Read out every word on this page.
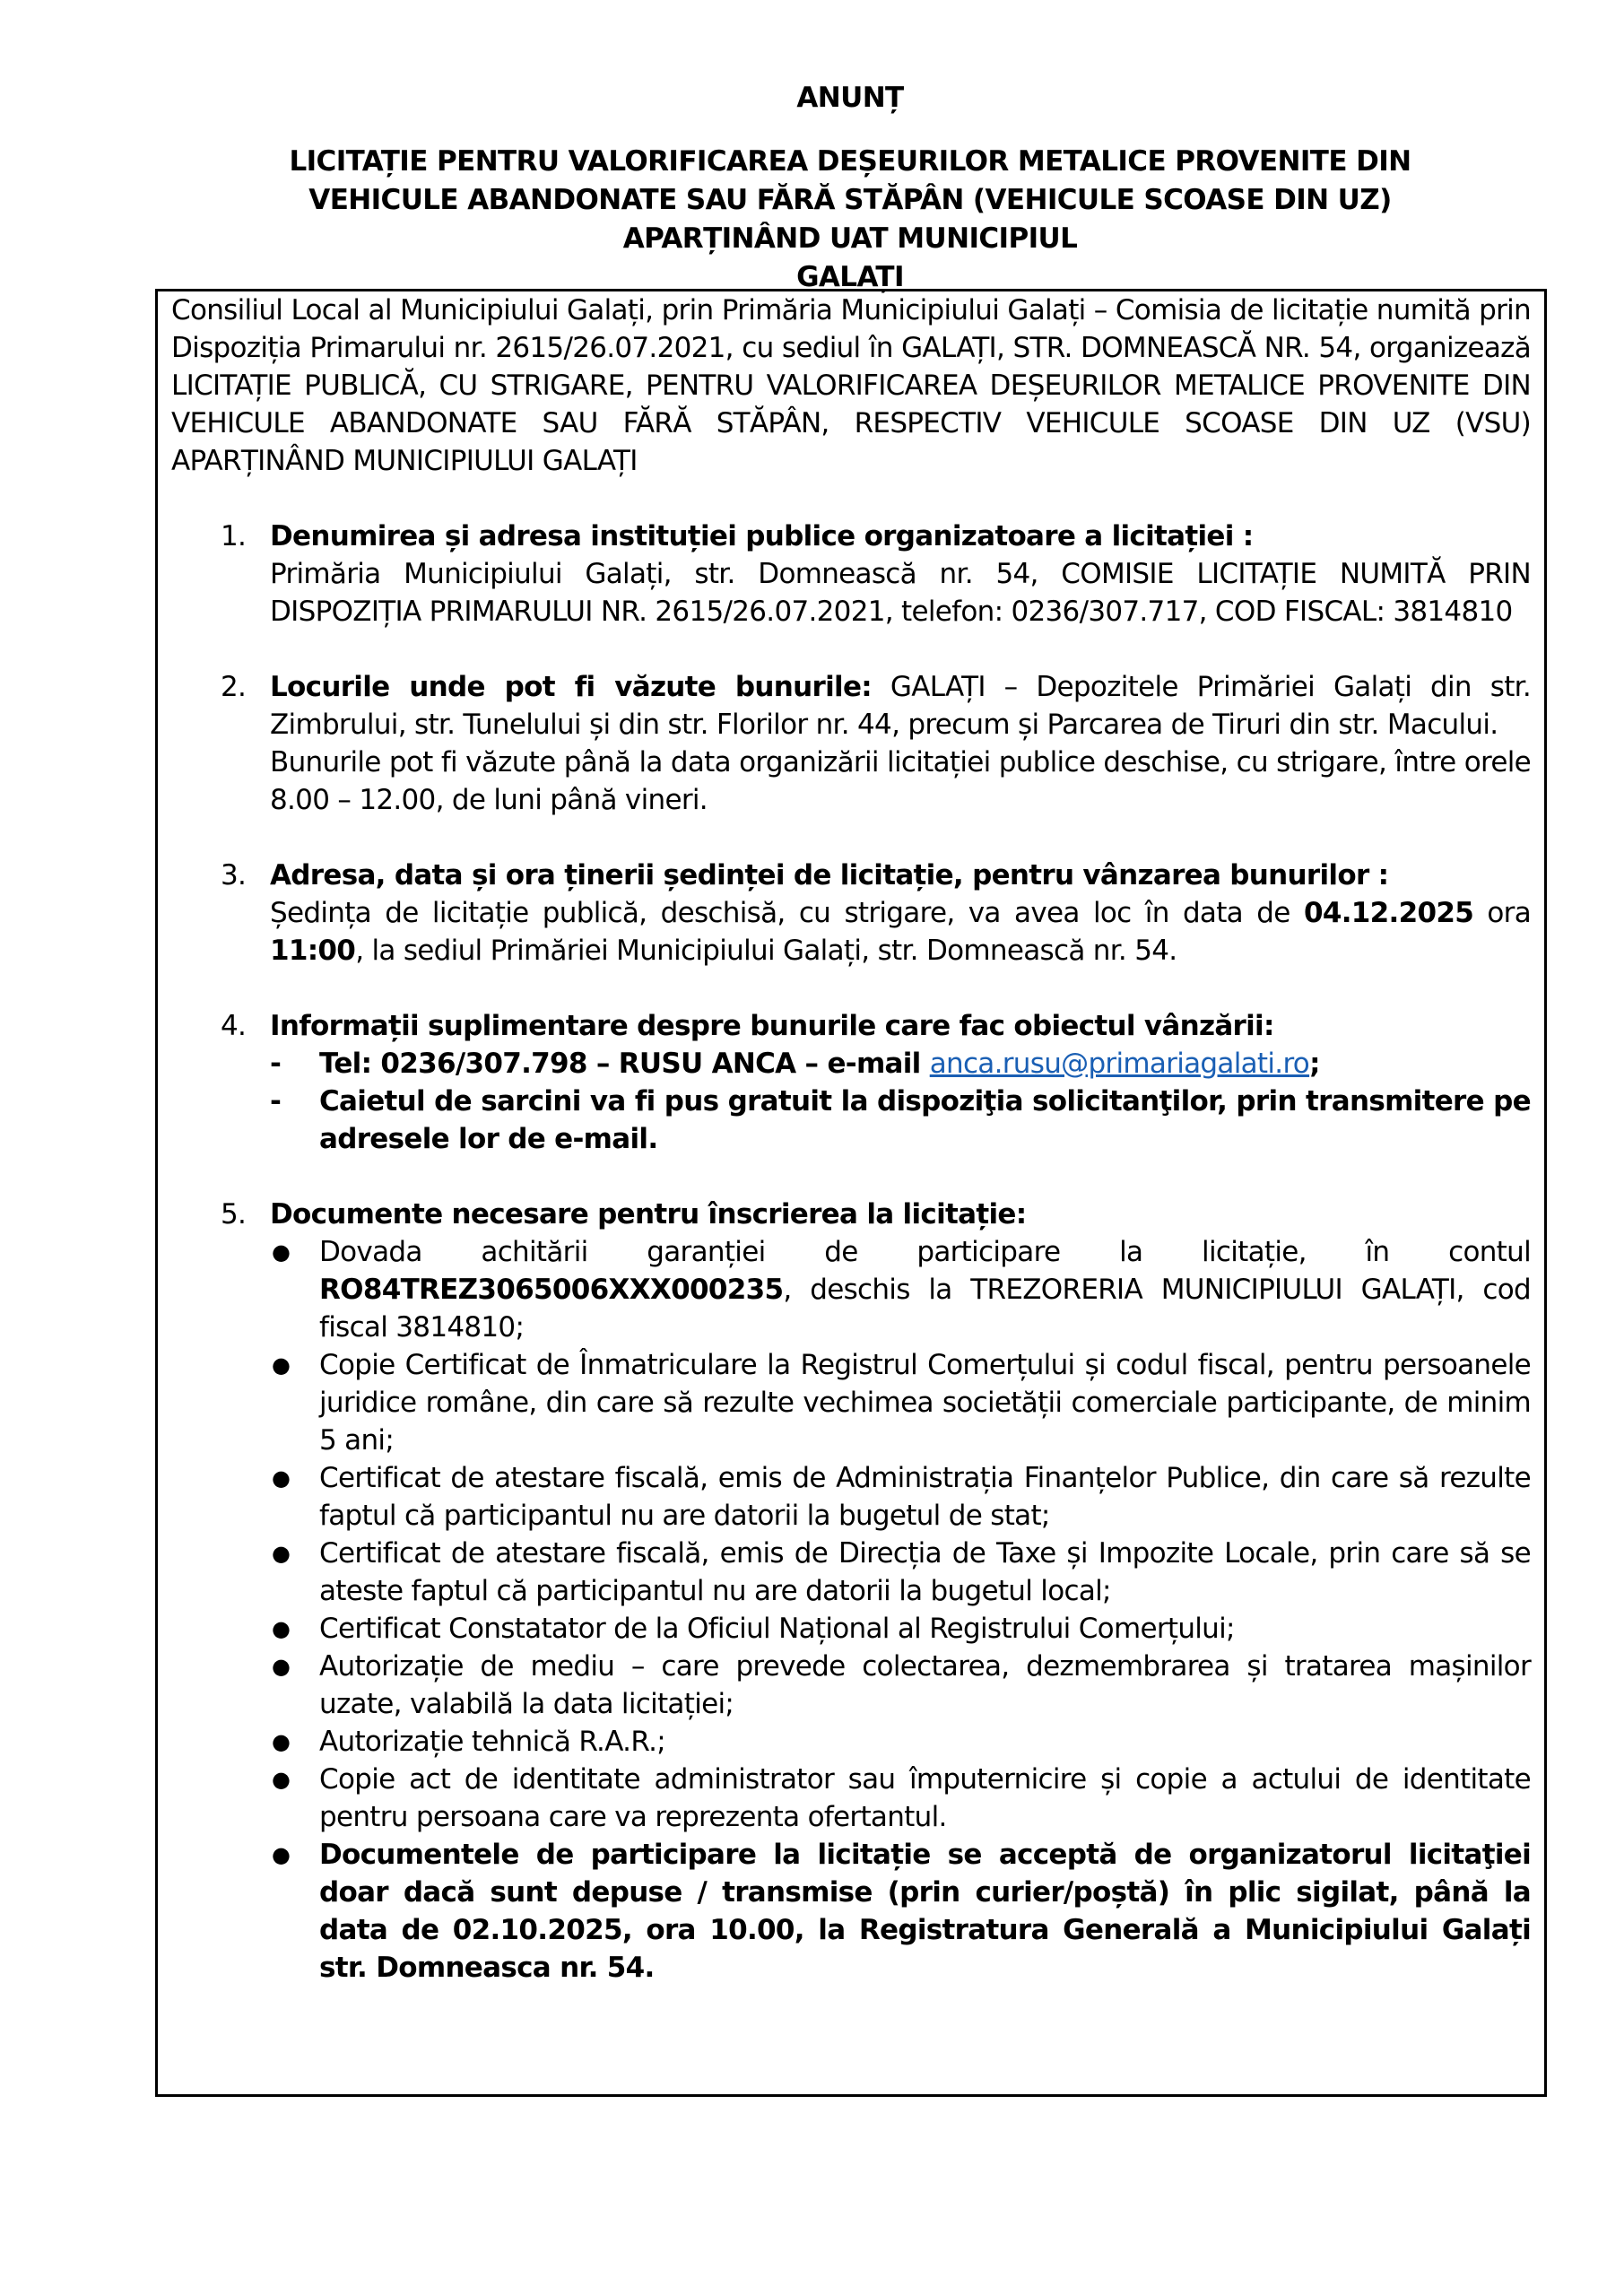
ANUNȚ
LICITAȚIE PENTRU VALORIFICAREA DEȘEURILOR METALICE PROVENITE DIN
VEHICULE ABANDONATE SAU FĂRĂ STĂPÂN (VEHICULE SCOASE DIN UZ)
APARȚINÂND UAT MUNICIPIUL
GALAȚI

Consiliul Local al Municipiului Galați, prin Primăria Municipiului Galați – Comisia de licitație numită prin Dispoziția Primarului nr. 2615/26.07.2021, cu sediul în GALAȚI, STR. DOMNEASCĂ NR. 54, organizează LICITAȚIE PUBLICĂ, CU STRIGARE, PENTRU VALORIFICAREA DEȘEURILOR METALICE PROVENITE DIN VEHICULE ABANDONATE SAU FĂRĂ STĂPÂN, RESPECTIV VEHICULE SCOASE DIN UZ (VSU) APARȚINÂND MUNICIPIULUI GALAȚI

1. Denumirea și adresa instituției publice organizatoare a licitației :
Primăria Municipiului Galați, str. Domnească nr. 54, COMISIE LICITAȚIE NUMITĂ PRIN DISPOZIȚIA PRIMARULUI NR. 2615/26.07.2021, telefon: 0236/307.717, COD FISCAL: 3814810
2. Locurile unde pot fi văzute bunurile: GALAȚI – Depozitele Primăriei Galați din str. Zimbrului, str. Tunelului și din str. Florilor nr. 44, precum și Parcarea de Tiruri din str. Macului.
Bunurile pot fi văzute până la data organizării licitației publice deschise, cu strigare, între orele 8.00 – 12.00, de luni până vineri.
3. Adresa, data și ora ținerii ședinței de licitație, pentru vânzarea bunurilor :
Ședința de licitație publică, deschisă, cu strigare, va avea loc în data de 04.12.2025 ora 11:00, la sediul Primăriei Municipiului Galați, str. Domnească nr. 54.
4. Informații suplimentare despre bunurile care fac obiectul vânzării:
- Tel: 0236/307.798 – RUSU ANCA – e-mail anca.rusu@primariagalati.ro;
- Caietul de sarcini va fi pus gratuit la dispoziţia solicitanţilor, prin transmitere pe adresele lor de e-mail.
5. Documente necesare pentru înscrierea la licitație:
● Dovada achitării garanției de participare la licitație, în contul RO84TREZ3065006XXX000235, deschis la TREZORERIA MUNICIPIULUI GALAȚI, cod fiscal 3814810;
● Copie Certificat de Înmatriculare la Registrul Comerțului și codul fiscal, pentru persoanele juridice române, din care să rezulte vechimea societății comerciale participante, de minim 5 ani;
● Certificat de atestare fiscală, emis de Administrația Finanțelor Publice, din care să rezulte faptul că participantul nu are datorii la bugetul de stat;
● Certificat de atestare fiscală, emis de Direcția de Taxe și Impozite Locale, prin care să se ateste faptul că participantul nu are datorii la bugetul local;
● Certificat Constatator de la Oficiul Național al Registrului Comerțului;
● Autorizație de mediu – care prevede colectarea, dezmembrarea și tratarea mașinilor uzate, valabilă la data licitației;
● Autorizație tehnică R.A.R.;
● Copie act de identitate administrator sau împuternicire și copie a actului de identitate pentru persoana care va reprezenta ofertantul.
● Documentele de participare la licitație se acceptă de organizatorul licitaţiei doar dacă sunt depuse / transmise (prin curier/poștă) în plic sigilat, până la data de 02.10.2025, ora 10.00, la Registratura Generală a Municipiului Galați str. Domneasca nr. 54.
